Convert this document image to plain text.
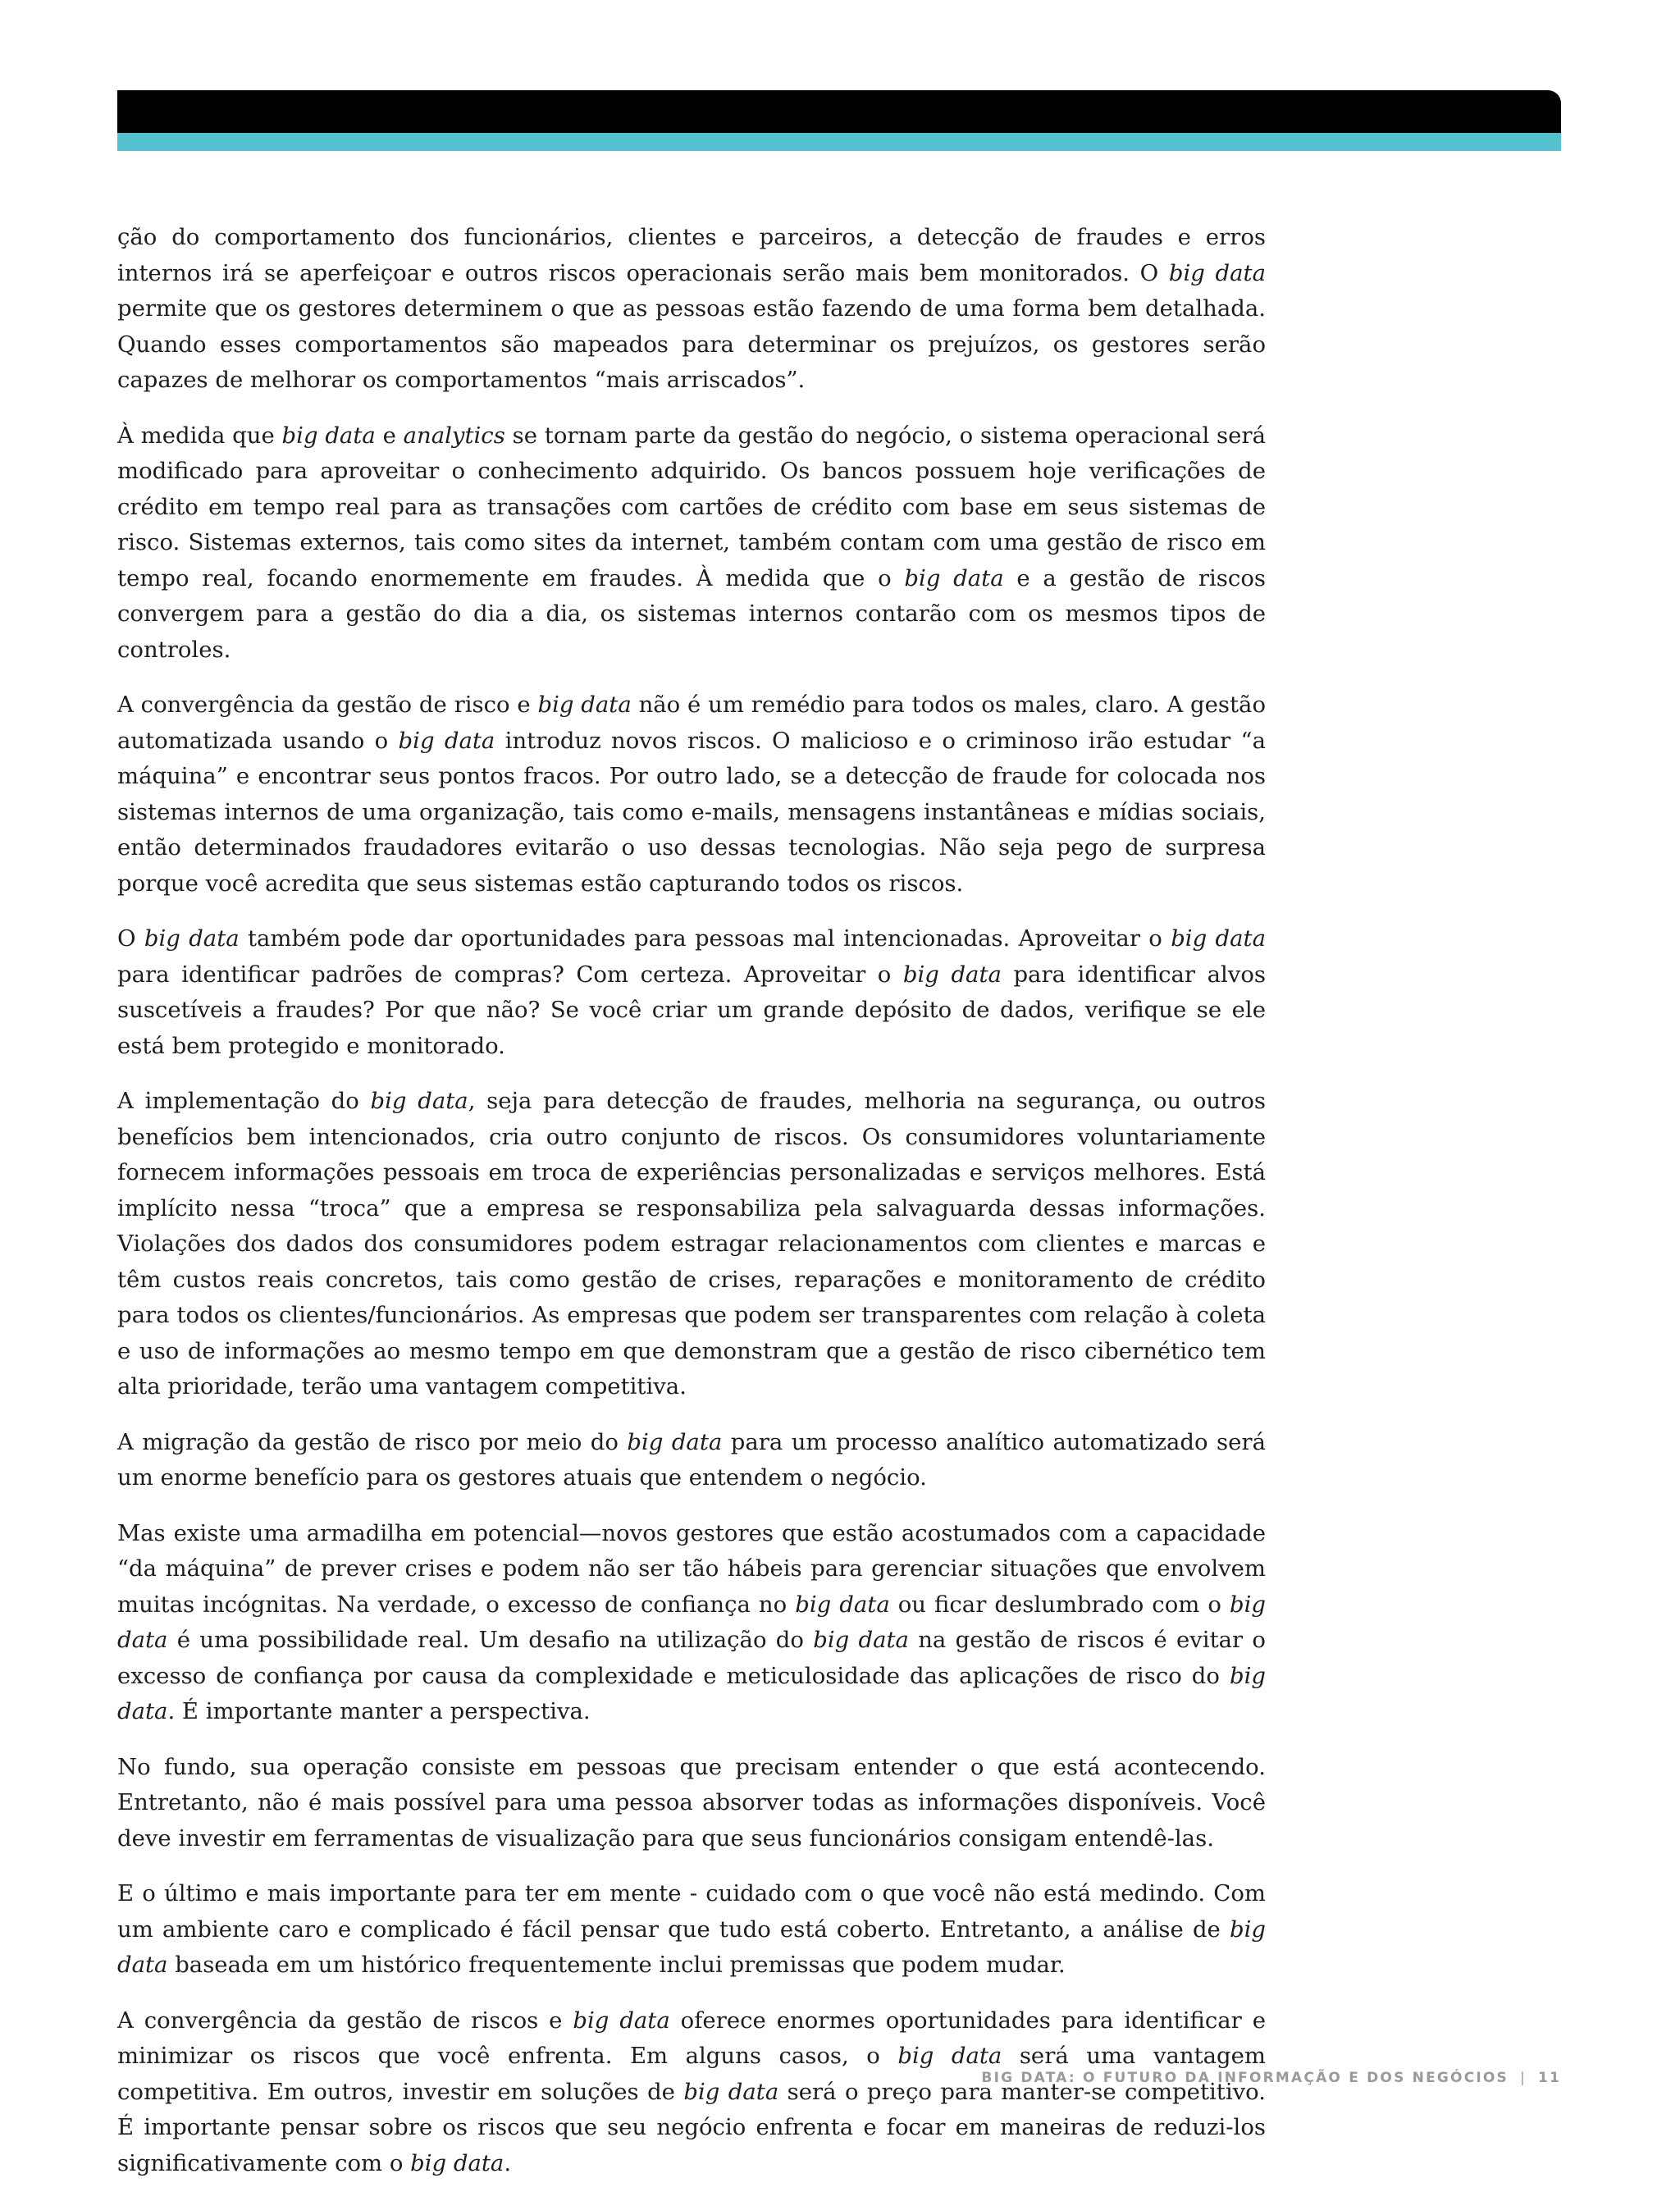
ção do comportamento dos funcionários, clientes e parceiros, a detecção de fraudes e erros internos irá se aperfeiçoar e outros riscos operacionais serão mais bem monitorados. O big data permite que os gestores determinem o que as pessoas estão fazendo de uma forma bem detalhada. Quando esses comportamentos são mapeados para determinar os prejuízos, os gestores serão capazes de melhorar os comportamentos “mais arriscados”.

À medida que big data e analytics se tornam parte da gestão do negócio, o sistema operacional será modificado para aproveitar o conhecimento adquirido. Os bancos possuem hoje verificações de crédito em tempo real para as transações com cartões de crédito com base em seus sistemas de risco. Sistemas externos, tais como sites da internet, também contam com uma gestão de risco em tempo real, focando enormemente em fraudes. À medida que o big data e a gestão de riscos convergem para a gestão do dia a dia, os sistemas internos contarão com os mesmos tipos de controles.

A convergência da gestão de risco e big data não é um remédio para todos os males, claro. A gestão automatizada usando o big data introduz novos riscos. O malicioso e o criminoso irão estudar “a máquina” e encontrar seus pontos fracos. Por outro lado, se a detecção de fraude for colocada nos sistemas internos de uma organização, tais como e-mails, mensagens instantâneas e mídias sociais, então determinados fraudadores evitarão o uso dessas tecnologias. Não seja pego de surpresa porque você acredita que seus sistemas estão capturando todos os riscos.

O big data também pode dar oportunidades para pessoas mal intencionadas. Aproveitar o big data para identificar padrões de compras? Com certeza. Aproveitar o big data para identificar alvos suscetíveis a fraudes? Por que não? Se você criar um grande depósito de dados, verifique se ele está bem protegido e monitorado.

A implementação do big data, seja para detecção de fraudes, melhoria na segurança, ou outros benefícios bem intencionados, cria outro conjunto de riscos. Os consumidores voluntariamente fornecem informações pessoais em troca de experiências personalizadas e serviços melhores. Está implícito nessa “troca” que a empresa se responsabiliza pela salvaguarda dessas informações. Violações dos dados dos consumidores podem estragar relacionamentos com clientes e marcas e têm custos reais concretos, tais como gestão de crises, reparações e monitoramento de crédito para todos os clientes/funcionários. As empresas que podem ser transparentes com relação à coleta e uso de informações ao mesmo tempo em que demonstram que a gestão de risco cibernético tem alta prioridade, terão uma vantagem competitiva.

A migração da gestão de risco por meio do big data para um processo analítico automatizado será um enorme benefício para os gestores atuais que entendem o negócio.

Mas existe uma armadilha em potencial—novos gestores que estão acostumados com a capacidade “da máquina” de prever crises e podem não ser tão hábeis para gerenciar situações que envolvem muitas incógnitas. Na verdade, o excesso de confiança no big data ou ficar deslumbrado com o big data é uma possibilidade real. Um desafio na utilização do big data na gestão de riscos é evitar o excesso de confiança por causa da complexidade e meticulosidade das aplicações de risco do big data. É importante manter a perspectiva.

No fundo, sua operação consiste em pessoas que precisam entender o que está acontecendo. Entretanto, não é mais possível para uma pessoa absorver todas as informações disponíveis. Você deve investir em ferramentas de visualização para que seus funcionários consigam entendê-las.

E o último e mais importante para ter em mente - cuidado com o que você não está medindo. Com um ambiente caro e complicado é fácil pensar que tudo está coberto. Entretanto, a análise de big data baseada em um histórico frequentemente inclui premissas que podem mudar.

A convergência da gestão de riscos e big data oferece enormes oportunidades para identificar e minimizar os riscos que você enfrenta. Em alguns casos, o big data será uma vantagem competitiva. Em outros, investir em soluções de big data será o preço para manter-se competitivo. É importante pensar sobre os riscos que seu negócio enfrenta e focar em maneiras de reduzi-los significativamente com o big data.

BIG DATA: O FUTURO DA INFORMAÇÃO E DOS NEGÓCIOS | 11
